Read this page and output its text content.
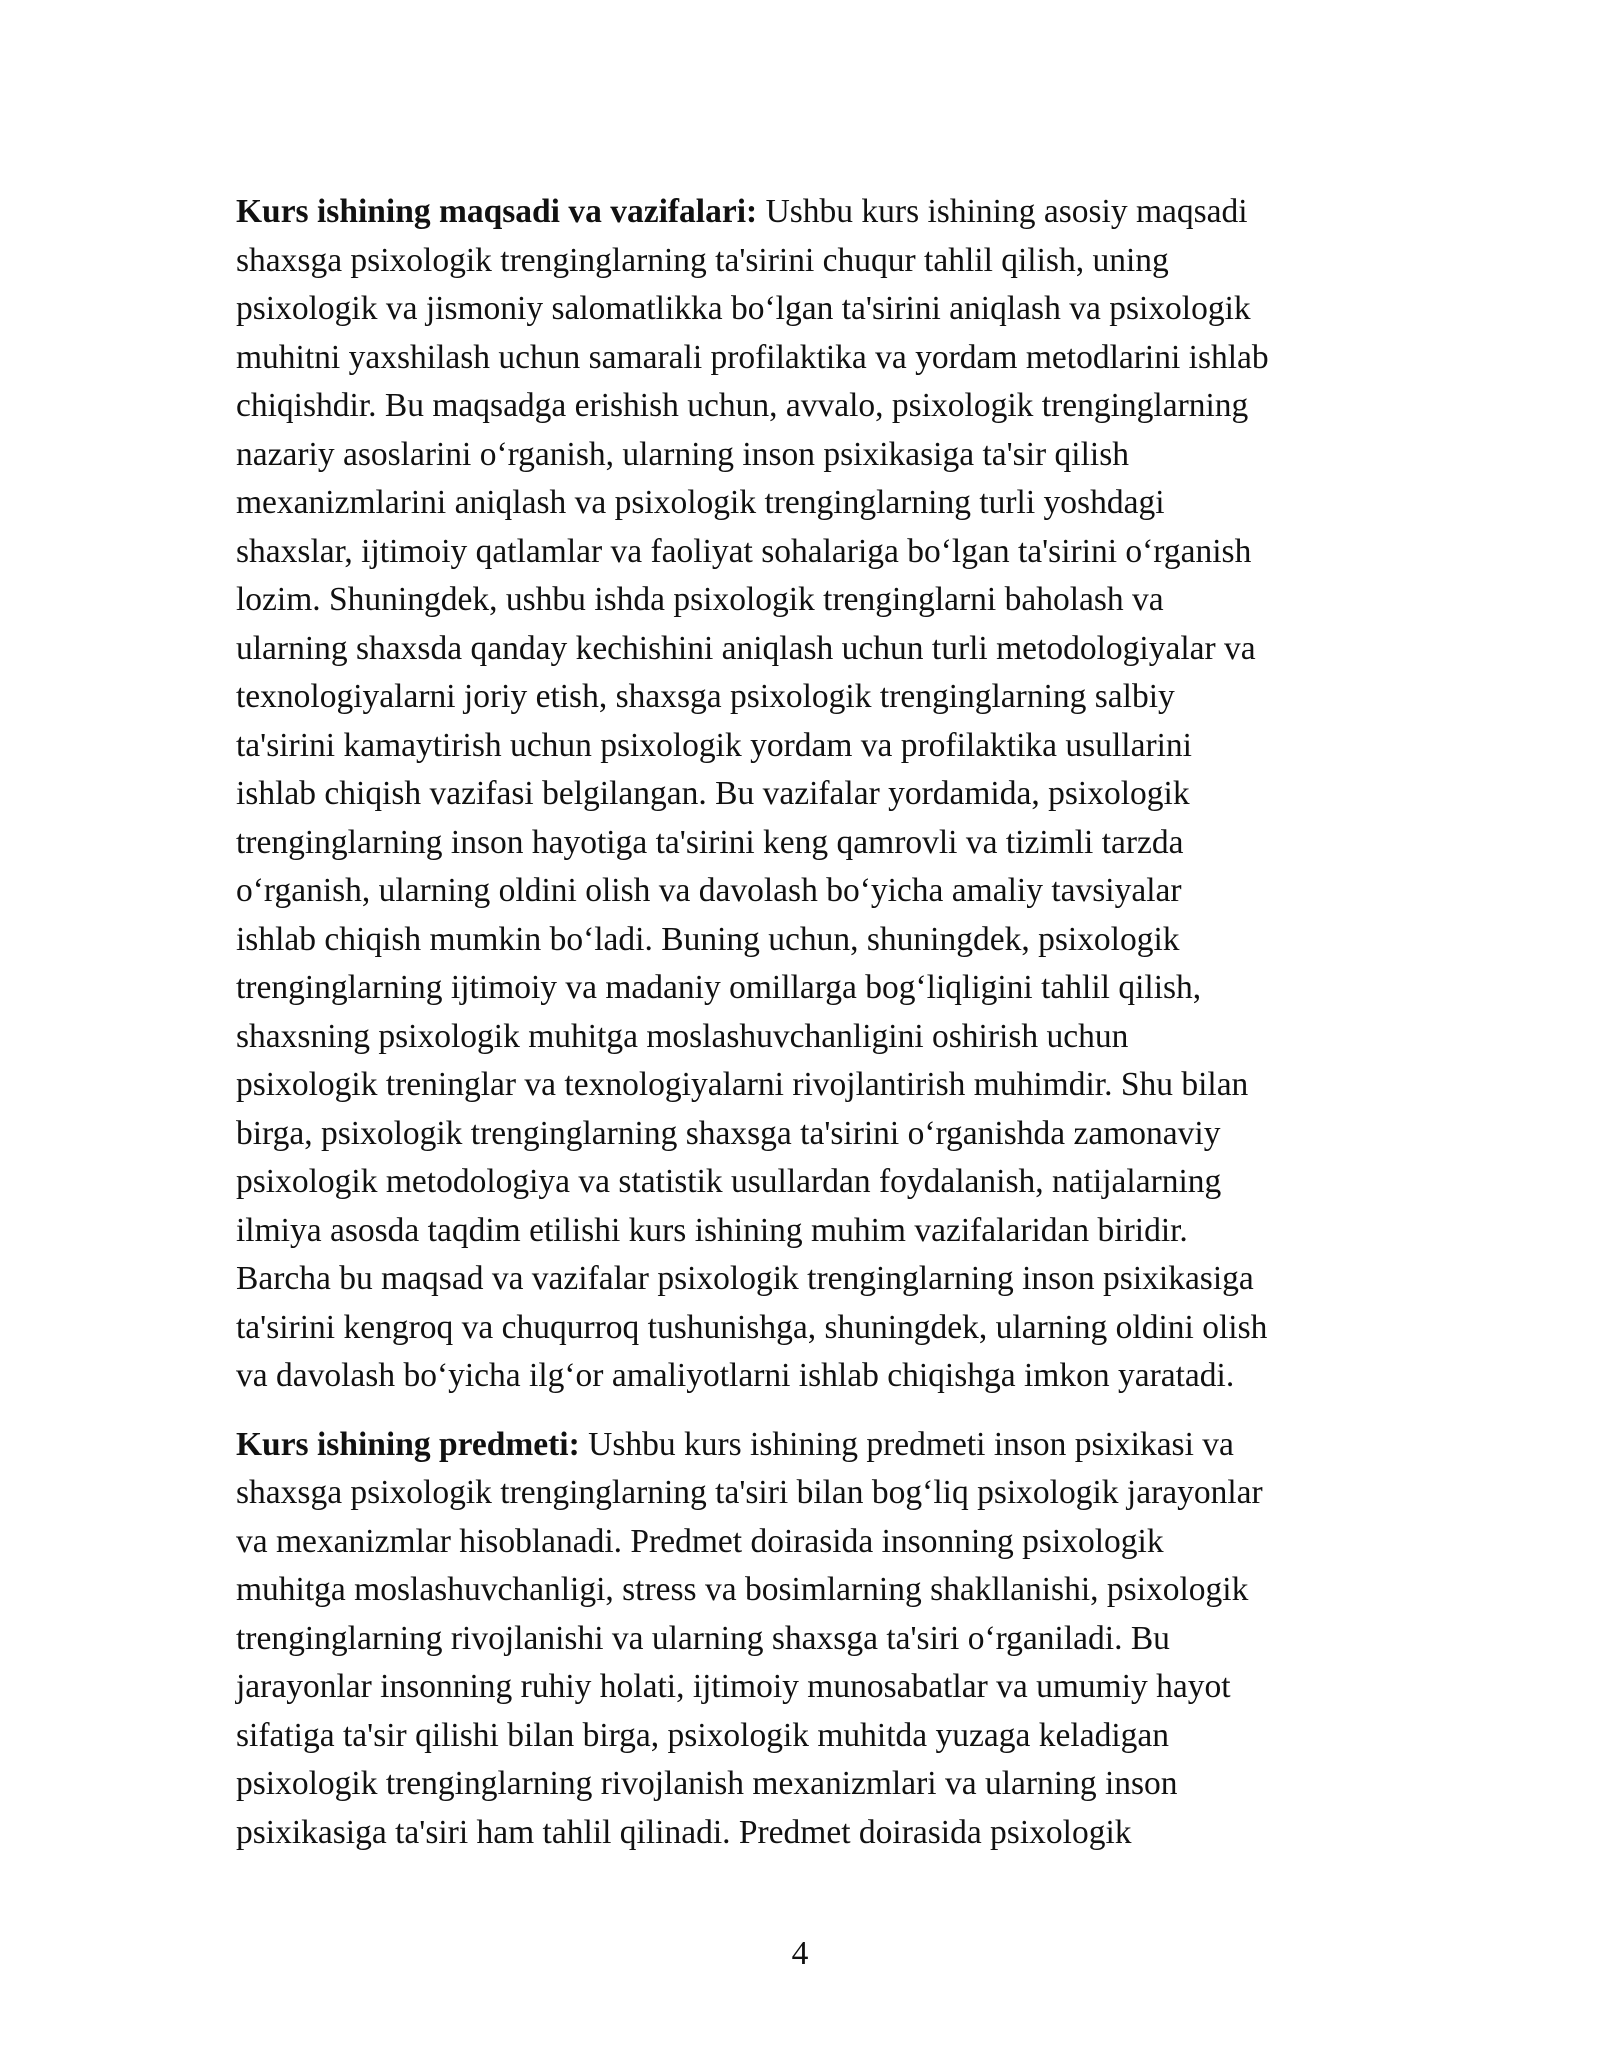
Kurs ishining maqsadi va vazifalari: Ushbu kurs ishining asosiy maqsadi
shaxsga psixologik trenginglarning ta'sirini chuqur tahlil qilish, uning
psixologik va jismoniy salomatlikka bo‘lgan ta'sirini aniqlash va psixologik
muhitni yaxshilash uchun samarali profilaktika va yordam metodlarini ishlab
chiqishdir. Bu maqsadga erishish uchun, avvalo, psixologik trenginglarning
nazariy asoslarini o‘rganish, ularning inson psixikasiga ta'sir qilish
mexanizmlarini aniqlash va psixologik trenginglarning turli yoshdagi
shaxslar, ijtimoiy qatlamlar va faoliyat sohalariga bo‘lgan ta'sirini o‘rganish
lozim. Shuningdek, ushbu ishda psixologik trenginglarni baholash va
ularning shaxsda qanday kechishini aniqlash uchun turli metodologiyalar va
texnologiyalarni joriy etish, shaxsga psixologik trenginglarning salbiy
ta'sirini kamaytirish uchun psixologik yordam va profilaktika usullarini
ishlab chiqish vazifasi belgilangan. Bu vazifalar yordamida, psixologik
trenginglarning inson hayotiga ta'sirini keng qamrovli va tizimli tarzda
o‘rganish, ularning oldini olish va davolash bo‘yicha amaliy tavsiyalar
ishlab chiqish mumkin bo‘ladi. Buning uchun, shuningdek, psixologik
trenginglarning ijtimoiy va madaniy omillarga bog‘liqligini tahlil qilish,
shaxsning psixologik muhitga moslashuvchanligini oshirish uchun
psixologik treninglar va texnologiyalarni rivojlantirish muhimdir. Shu bilan
birga, psixologik trenginglarning shaxsga ta'sirini o‘rganishda zamonaviy
psixologik metodologiya va statistik usullardan foydalanish, natijalarning
ilmiya asosda taqdim etilishi kurs ishining muhim vazifalaridan biridir.
Barcha bu maqsad va vazifalar psixologik trenginglarning inson psixikasiga
ta'sirini kengroq va chuqurroq tushunishga, shuningdek, ularning oldini olish
va davolash bo‘yicha ilg‘or amaliyotlarni ishlab chiqishga imkon yaratadi.
Kurs ishining predmeti: Ushbu kurs ishining predmeti inson psixikasi va
shaxsga psixologik trenginglarning ta'siri bilan bog‘liq psixologik jarayonlar
va mexanizmlar hisoblanadi. Predmet doirasida insonning psixologik
muhitga moslashuvchanligi, stress va bosimlarning shakllanishi, psixologik
trenginglarning rivojlanishi va ularning shaxsga ta'siri o‘rganiladi. Bu
jarayonlar insonning ruhiy holati, ijtimoiy munosabatlar va umumiy hayot
sifatiga ta'sir qilishi bilan birga, psixologik muhitda yuzaga keladigan
psixologik trenginglarning rivojlanish mexanizmlari va ularning inson
psixikasiga ta'siri ham tahlil qilinadi. Predmet doirasida psixologik
4
